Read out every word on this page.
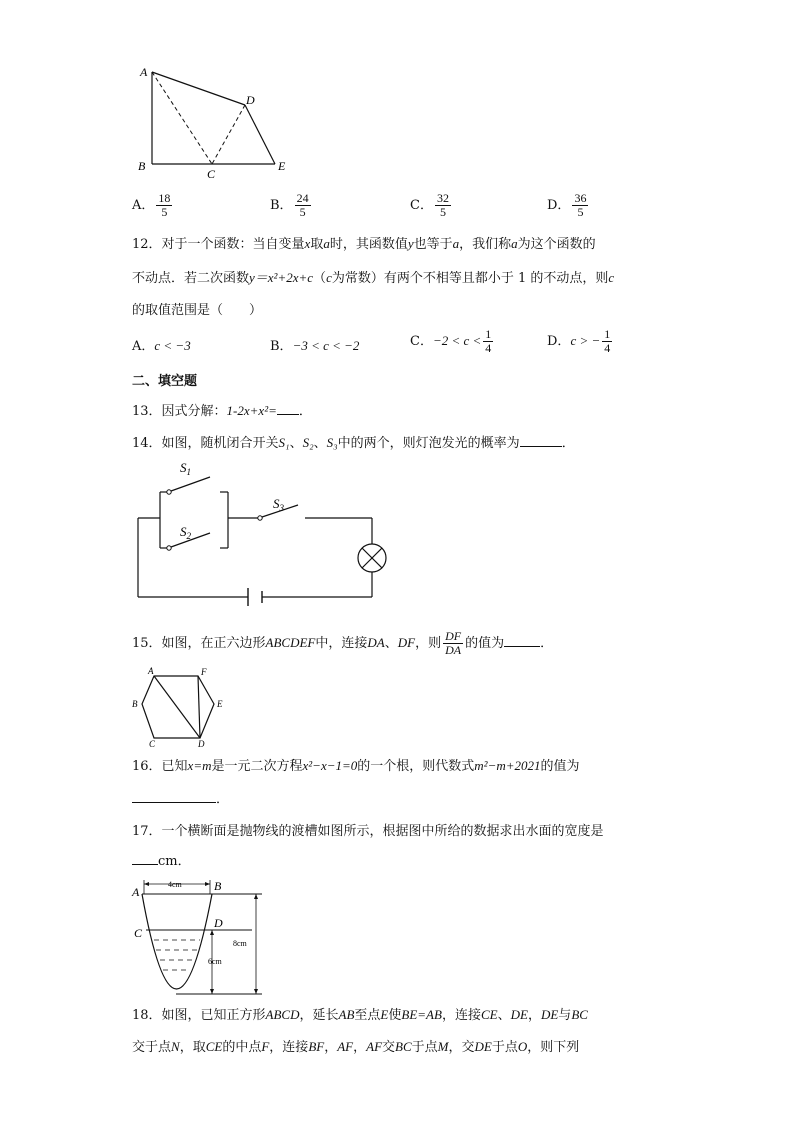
A
D
B
C
E
A． $\frac{18}{5}$	B． $\frac{24}{5}$	C． $\frac{32}{5}$	D． $\frac{36}{5}$
12．对于一个函数：当自变量x取a时，其函数值y也等于a，我们称a为这个函数的
不动点．若二次函数y＝x²+2x+c（c为常数）有两个不相等且都小于 1 的不动点，则c
的取值范围是（　　）
A．c < −3	B．−3 < c < −2	C．$-2 < c < \frac{1}{4}$	D．c > − $\frac{1}{4}$
二、填空题
13．因式分解：1-2x+x²= ．
14．如图，随机闭合开关S₁、S₂、S₃中的两个，则灯泡发光的概率为	．
$S_1$
$S_2$
$S_3$
15．如图，在正六边形ABCDEF中，连接DA、DF，则 $\frac{DF}{DA}$ 的值为	．
A	F
B	E
C	D
16．已知x=m是一元二次方程x²−x−1=0的一个根，则代数式m²−m+2021的值为
．
17．一个横断面是抛物线的渡槽如图所示，根据图中所给的数据求出水面的宽度是
cm．
4cm
8cm
6cm
A	B
C
D
18．如图，已知正方形ABCD，延长AB至点E使BE=AB，连接CE、DE，DE与BC
交于点N，取CE的中点F，连接BF，AF，AF交BC于点M，交DE于点O，则下列
